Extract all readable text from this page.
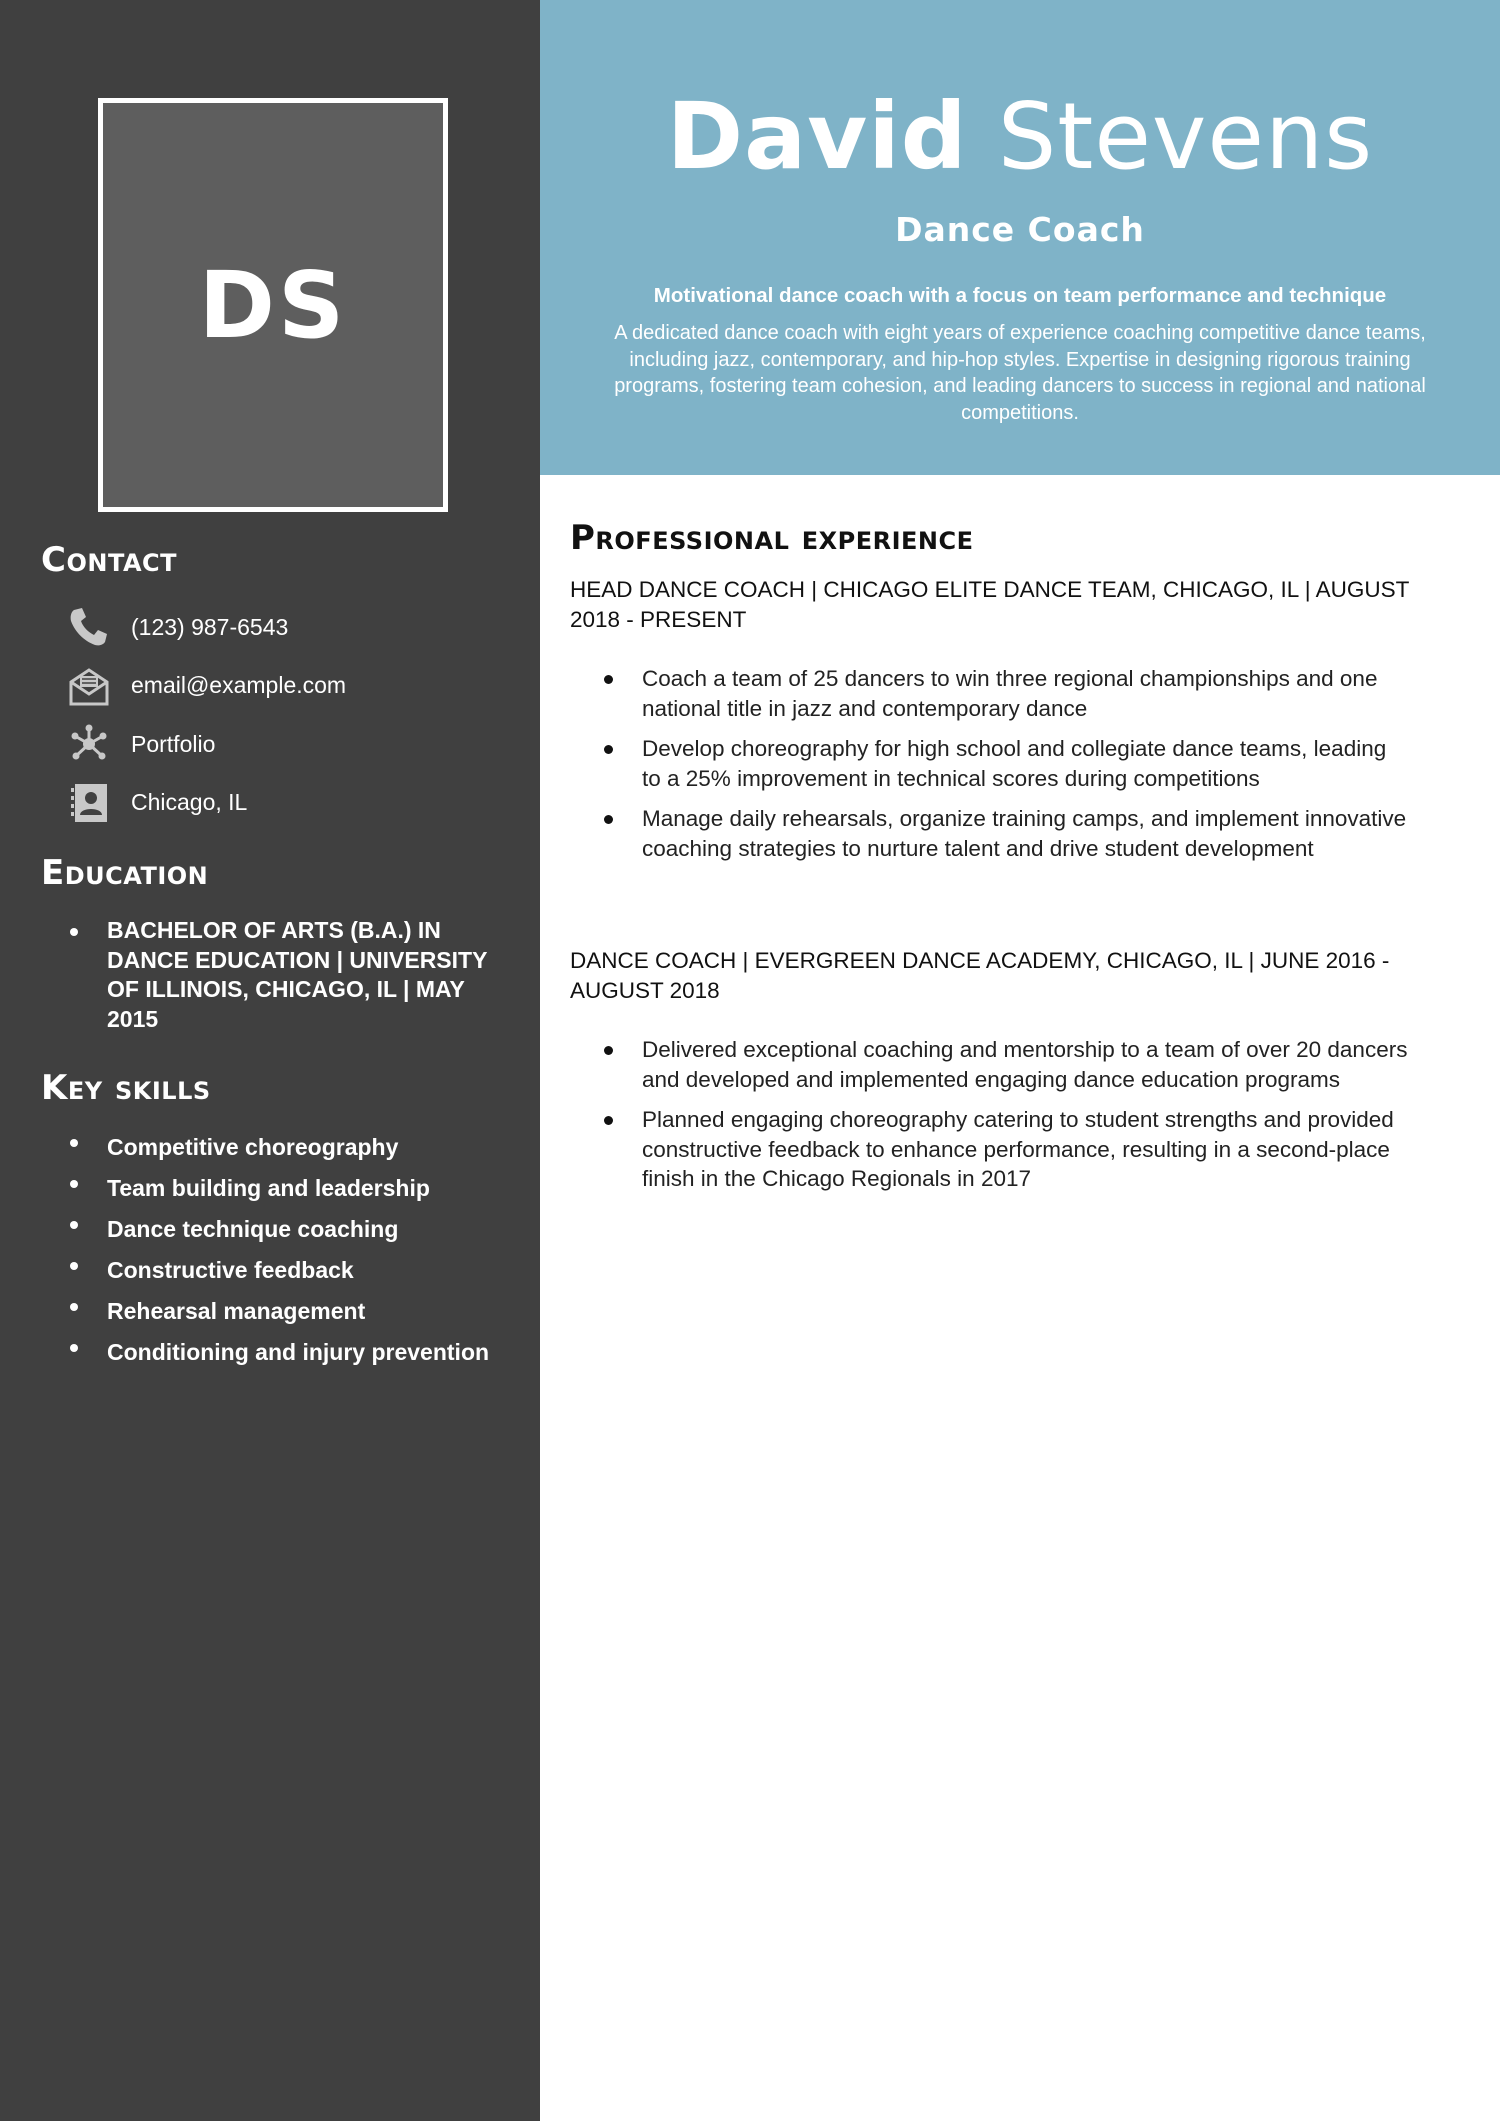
DS
Contact
(123) 987-6543
email@example.com
Portfolio
Chicago, IL
Education
BACHELOR OF ARTS (B.A.) IN DANCE EDUCATION | UNIVERSITY OF ILLINOIS, CHICAGO, IL | MAY 2015
Key skills
Competitive choreography
Team building and leadership
Dance technique coaching
Constructive feedback
Rehearsal management
Conditioning and injury prevention
David Stevens
Dance Coach
Motivational dance coach with a focus on team performance and technique
A dedicated dance coach with eight years of experience coaching competitive dance teams, including jazz, contemporary, and hip-hop styles. Expertise in designing rigorous training programs, fostering team cohesion, and leading dancers to success in regional and national competitions.
Professional experience
HEAD DANCE COACH | CHICAGO ELITE DANCE TEAM, CHICAGO, IL | AUGUST 2018 - PRESENT
Coach a team of 25 dancers to win three regional championships and one national title in jazz and contemporary dance
Develop choreography for high school and collegiate dance teams, leading to a 25% improvement in technical scores during competitions
Manage daily rehearsals, organize training camps, and implement innovative coaching strategies to nurture talent and drive student development
DANCE COACH | EVERGREEN DANCE ACADEMY, CHICAGO, IL | JUNE 2016 - AUGUST 2018
Delivered exceptional coaching and mentorship to a team of over 20 dancers and developed and implemented engaging dance education programs
Planned engaging choreography catering to student strengths and provided constructive feedback to enhance performance, resulting in a second-place finish in the Chicago Regionals in 2017
